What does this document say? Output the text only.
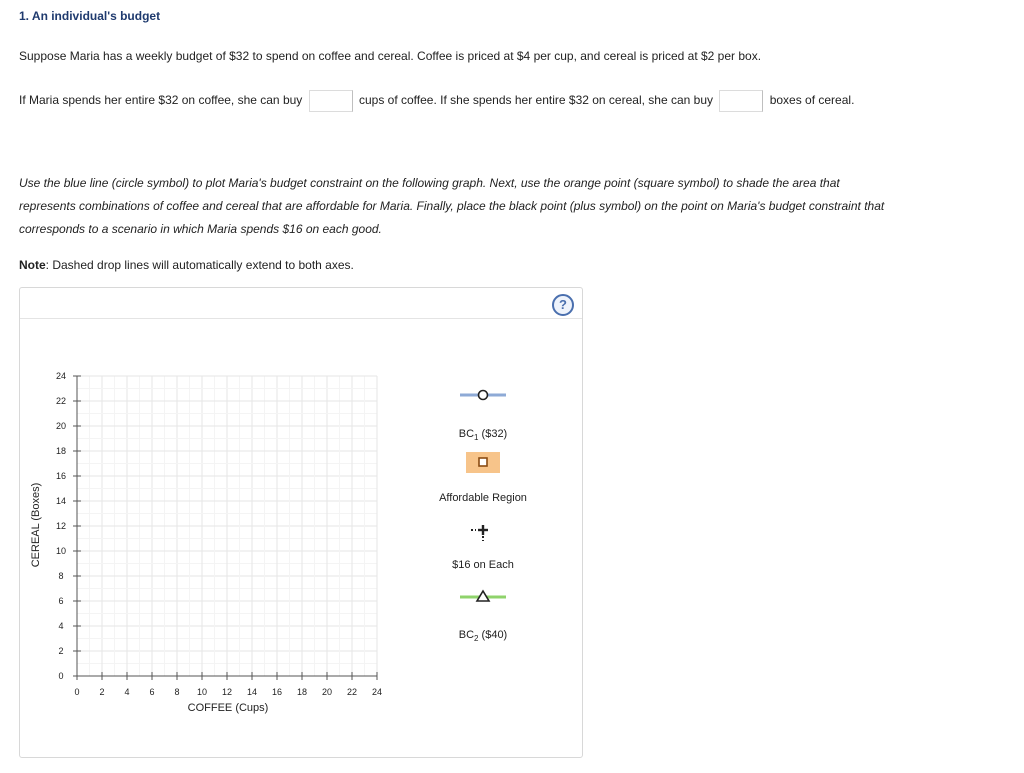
1. An individual's budget
Suppose Maria has a weekly budget of $32 to spend on coffee and cereal. Coffee is priced at $4 per cup, and cereal is priced at $2 per box.
If Maria spends her entire $32 on coffee, she can buy	cups of coffee. If she spends her entire $32 on cereal, she can buy	boxes of cereal.
Use the blue line (circle symbol) to plot Maria's budget constraint on the following graph. Next, use the orange point (square symbol) to shade the area that represents combinations of coffee and cereal that are affordable for Maria. Finally, place the black point (plus symbol) on the point on Maria's budget constraint that corresponds to a scenario in which Maria spends $16 on each good.
Note: Dashed drop lines will automatically extend to both axes.
?
0 2 4 6 8 10 12 14 16 18 20 22 24
0
2
4
6
8
10
12
14
16
18
20
22
24
COFFEE (Cups)
CEREAL (Boxes)
$BC_1$ ($32)
Affordable Region
$16 on Each
$BC_2$ ($40)
